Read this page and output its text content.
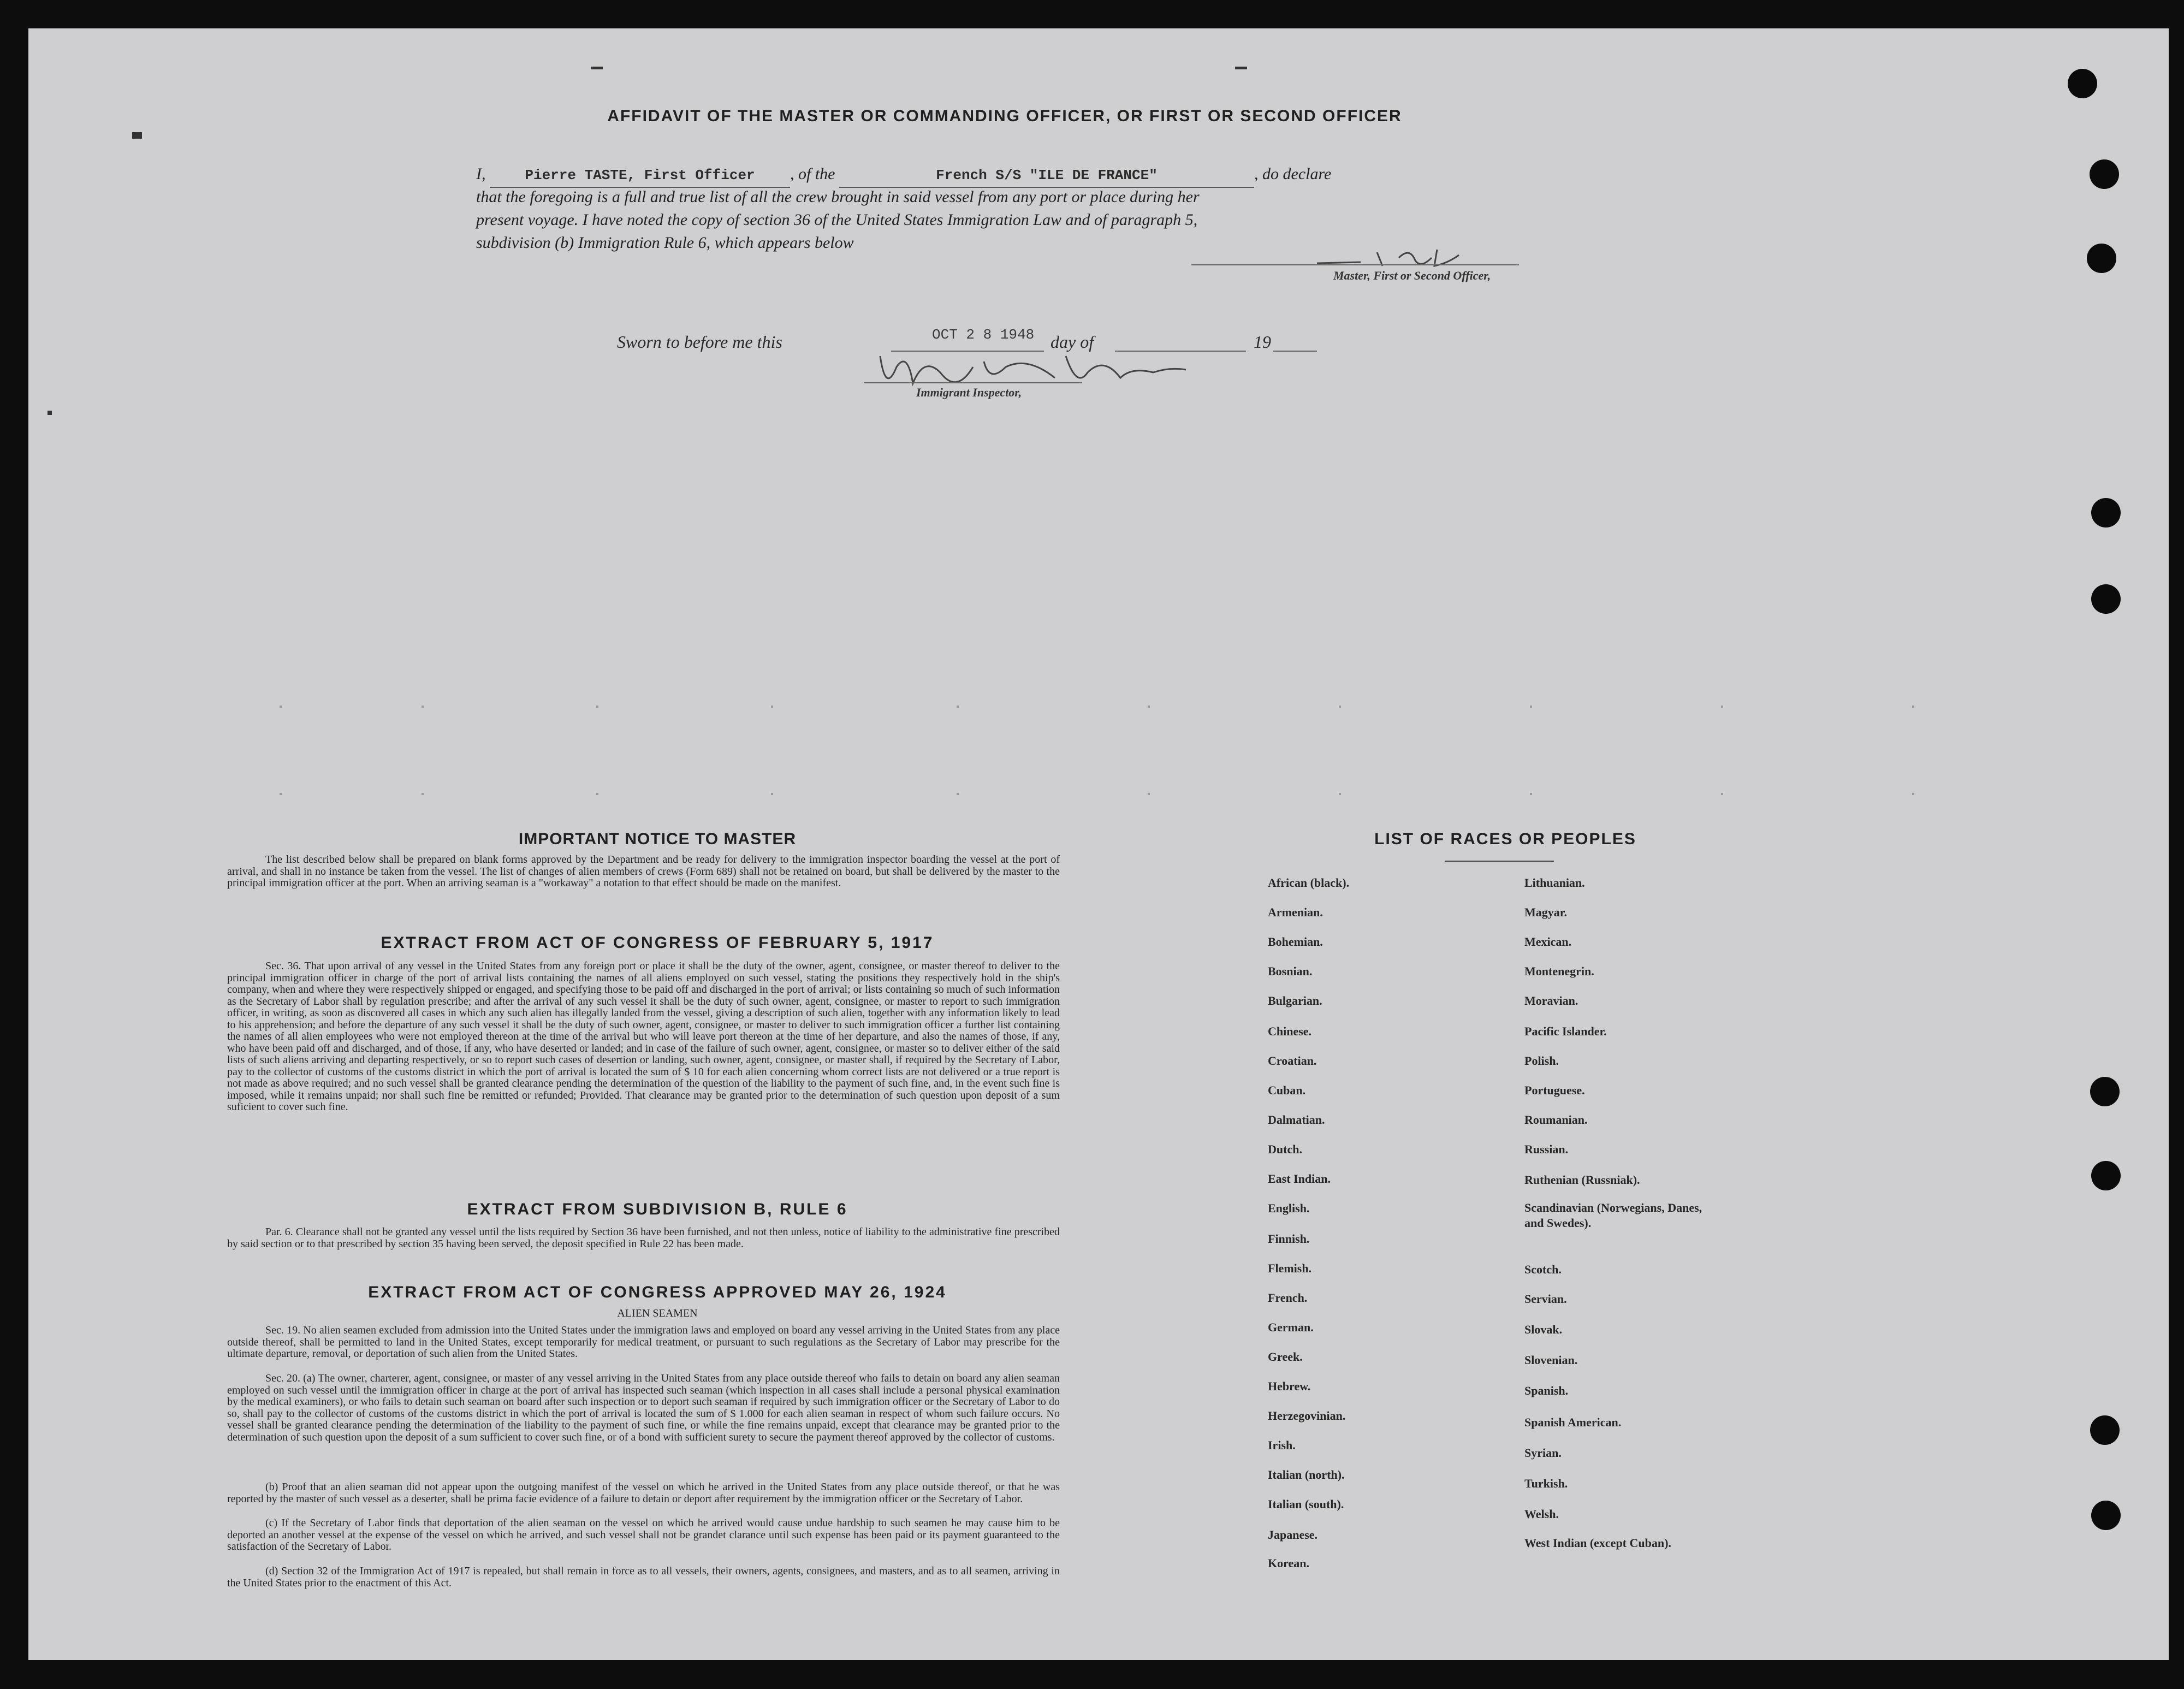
AFFIDAVIT OF THE MASTER OR COMMANDING OFFICER, OR FIRST OR SECOND OFFICER
I,	Pierre TASTE, First Officer , of the	French S/S "ILE DE FRANCE"	, do declare
that the foregoing is a full and true list of all the crew brought in said vessel from any port or place during her
present voyage. I have noted the copy of section 36 of the United States Immigration Law and of paragraph 5,
subdivision (b) Immigration Rule 6, which appears below
Master, First or Second Officer,
Sworn to before me this	OCT 2 8 1948 day of	19
Immigrant Inspector,
IMPORTANT NOTICE TO MASTER
The list described below shall be prepared on blank forms approved by the Department and be ready for delivery to the immigration inspector boarding the vessel at the port of arrival, and shall in no instance be taken from the vessel. The list of changes of alien members of crews (Form 689) shall not be retained on board, but shall be delivered by the master to the principal immigration officer at the port. When an arriving seaman is a "workaway" a notation to that effect should be made on the manifest.
EXTRACT FROM ACT OF CONGRESS OF FEBRUARY 5, 1917
Sec. 36. That upon arrival of any vessel in the United States from any foreign port or place it shall be the duty of the owner, agent, consignee, or master thereof to deliver to the principal immigration officer in charge of the port of arrival lists containing the names of all aliens employed on such vessel, stating the positions they respectively hold in the ship's company, when and where they were respectively shipped or engaged, and specifying those to be paid off and discharged in the port of arrival; or lists containing so much of such information as the Secretary of Labor shall by regulation prescribe; and after the arrival of any such vessel it shall be the duty of such owner, agent, consignee, or master to report to such immigration officer, in writing, as soon as discovered all cases in which any such alien has illegally landed from the vessel, giving a description of such alien, together with any information likely to lead to his apprehension; and before the departure of any such vessel it shall be the duty of such owner, agent, consignee, or master to deliver to such immigration officer a further list containing the names of all alien employees who were not employed thereon at the time of the arrival but who will leave port thereon at the time of her departure, and also the names of those, if any, who have been paid off and discharged, and of those, if any, who have deserted or landed; and in case of the failure of such owner, agent, consignee, or master so to deliver either of the said lists of such aliens arriving and departing respectively, or so to report such cases of desertion or landing, such owner, agent, consignee, or master shall, if required by the Secretary of Labor, pay to the collector of customs of the customs district in which the port of arrival is located the sum of $ 10 for each alien concerning whom correct lists are not delivered or a true report is not made as above required; and no such vessel shall be granted clearance pending the determination of the question of the liability to the payment of such fine, and, in the event such fine is imposed, while it remains unpaid; nor shall such fine be remitted or refunded; Provided. That clearance may be granted prior to the determination of such question upon deposit of a sum suficient to cover such fine.
EXTRACT FROM SUBDIVISION B, RULE 6
Par. 6. Clearance shall not be granted any vessel until the lists required by Section 36 have been furnished, and not then unless, notice of liability to the administrative fine prescribed by said section or to that prescribed by section 35 having been served, the deposit specified in Rule 22 has been made.
EXTRACT FROM ACT OF CONGRESS APPROVED MAY 26, 1924
ALIEN SEAMEN
Sec. 19. No alien seamen excluded from admission into the United States under the immigration laws and employed on board any vessel arriving in the United States from any place outside thereof, shall be permitted to land in the United States, except temporarily for medical treatment, or pursuant to such regulations as the Secretary of Labor may prescribe for the ultimate departure, removal, or deportation of such alien from the United States.
Sec. 20. (a) The owner, charterer, agent, consignee, or master of any vessel arriving in the United States from any place outside thereof who fails to detain on board any alien seaman employed on such vessel until the immigration officer in charge at the port of arrival has inspected such seaman (which inspection in all cases shall include a personal physical examination by the medical examiners), or who fails to detain such seaman on board after such inspection or to deport such seaman if required by such immigration officer or the Secretary of Labor to do so, shall pay to the collector of customs of the customs district in which the port of arrival is located the sum of $ 1.000 for each alien seaman in respect of whom such failure occurs. No vessel shall be granted clearance pending the determination of the liability to the payment of such fine, or while the fine remains unpaid, except that clearance may be granted prior to the determination of such question upon the deposit of a sum sufficient to cover such fine, or of a bond with sufficient surety to secure the payment thereof approved by the collector of customs.
(b) Proof that an alien seaman did not appear upon the outgoing manifest of the vessel on which he arrived in the United States from any place outside thereof, or that he was reported by the master of such vessel as a deserter, shall be prima facie evidence of a failure to detain or deport after requirement by the immigration officer or the Secretary of Labor.
(c) If the Secretary of Labor finds that deportation of the alien seaman on the vessel on which he arrived would cause undue hardship to such seamen he may cause him to be deported an another vessel at the expense of the vessel on which he arrived, and such vessel shall not be grandet clarance until such expense has been paid or its payment guaranteed to the satisfaction of the Secretary of Labor.
(d) Section 32 of the Immigration Act of 1917 is repealed, but shall remain in force as to all vessels, their owners, agents, consignees, and masters, and as to all seamen, arriving in the United States prior to the enactment of this Act.
LIST OF RACES OR PEOPLES
African (black).
Armenian.
Bohemian.
Bosnian.
Bulgarian.
Chinese.
Croatian.
Cuban.
Dalmatian.
Dutch.
East Indian.
English.
Finnish.
Flemish.
French.
German.
Greek.
Hebrew.
Herzegovinian.
Irish.
Italian (north).
Italian (south).
Japanese.
Korean.
Lithuanian.
Magyar.
Mexican.
Montenegrin.
Moravian.
Pacific Islander.
Polish.
Portuguese.
Roumanian.
Russian.
Ruthenian (Russniak).
Scandinavian (Norwegians, Danes, and Swedes).
Scotch.
Servian.
Slovak.
Slovenian.
Spanish.
Spanish American.
Syrian.
Turkish.
Welsh.
West Indian (except Cuban).
